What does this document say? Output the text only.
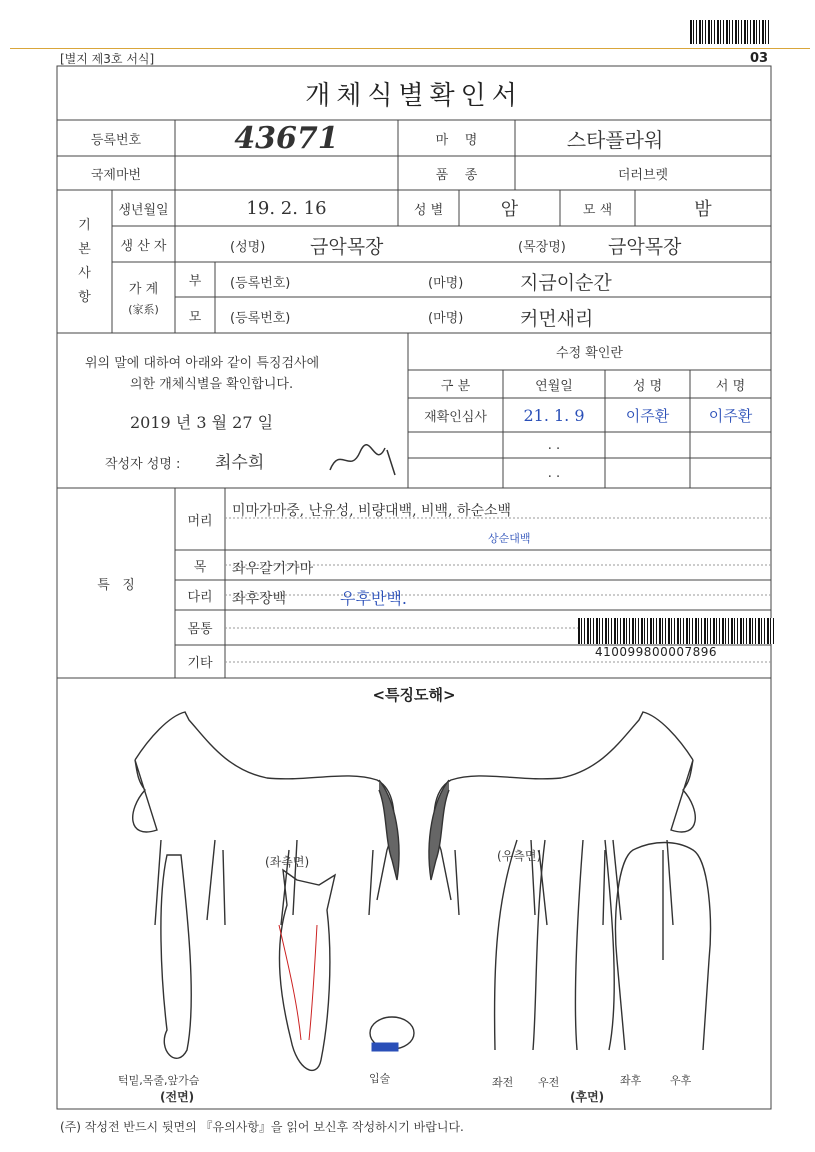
[별지 제3호 서식]	03
개체식별확인서
등록번호	43671	마    명	스타플라워
국제마번	품    종	더러브렛
기
본
사
항
생년월일	19. 2. 16	성 별	암	모 색	밤
생 산 자	(성명) 금악목장	(목장명) 금악목장
가 계
(家系)
부	(등록번호)	(마명)	지금이순간
모	(등록번호)	(마명)	커먼새리
위의 말에 대하여 아래와 같이 특징검사에
의한 개체식별을 확인합니다.
2019 년 3 월 27 일
작성자 성명 : 최수희
수정 확인란
구 분	연월일	성 명	서 명
재확인심사	21. 1. 9	이주환	이주환
. .
. .
특   징
머리
미마가마중, 난유성, 비량대백, 비백, 하순소백
상순대백
목	좌우갈기가마
다리	좌후장백	우후반백.
몸통
기타
410099800007896
<특징도해>
(좌측면)	(우측면)
턱밑,목줄,앞가슴
(전면)
입술	좌전 우전	좌후	우후
(후면)
(주) 작성전 반드시 뒷면의 『유의사항』을 읽어 보신후 작성하시기 바랍니다.
